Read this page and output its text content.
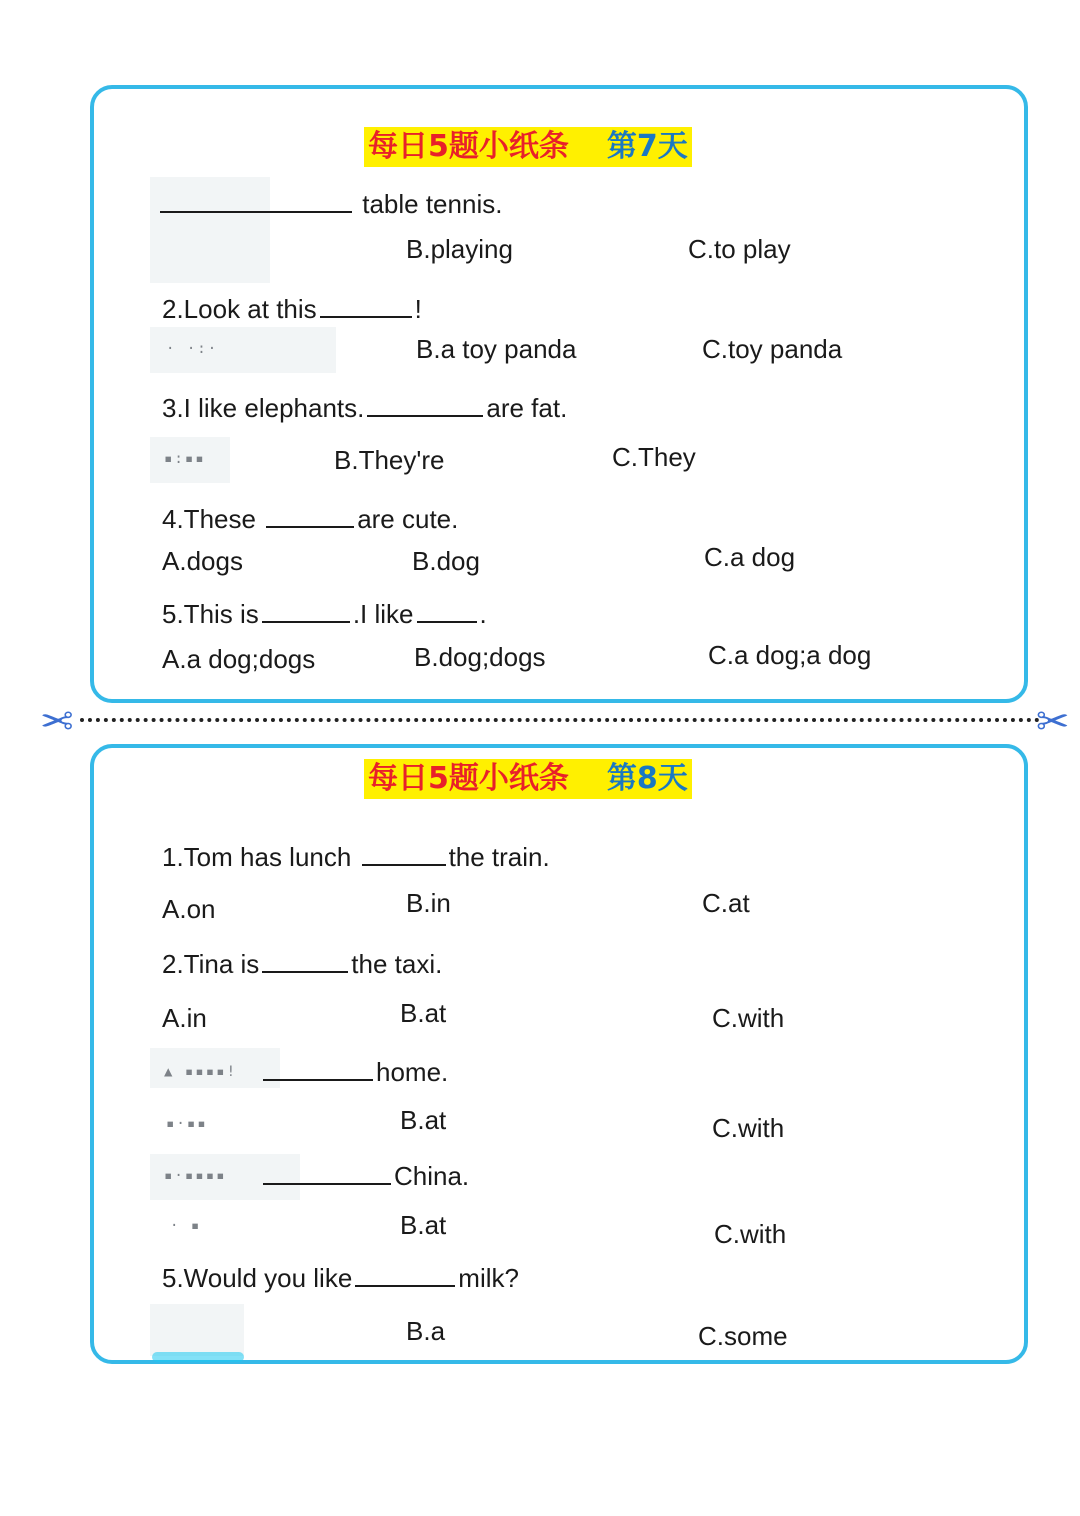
每日5题小纸条 第7天
table tennis.
B.playing	C.to play
2.Look at this	!
· ·:·	B.a toy panda	C.toy panda
3.I like elephants.	are fat.
▪:▪▪	B.They're	C.They
4.These	are cute.
A.dogs	B.dog	C.a dog
5.This is	.I like	.
A.a dog;dogs	B.dog;dogs	C.a dog;a dog
✂	✂
每日5题小纸条 第8天
1.Tom has lunch	the train.
A.on	B.in	C.at
2.Tina is	the taxi.
A.in	B.at	C.with
▲ ▪▪▪▪!	home.
▪·▪▪	B.at	C.with
▪·▪▪▪▪	China.
· ▪	B.at	C.with
5.Would you like	milk?
B.a	C.some
